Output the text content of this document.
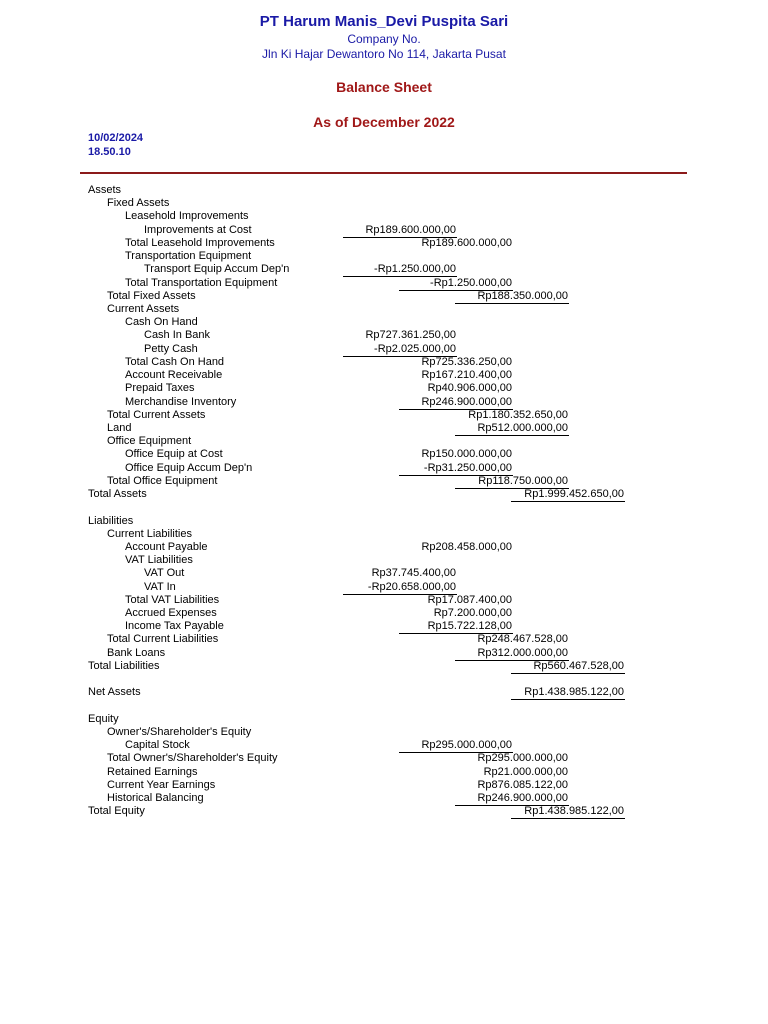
PT Harum Manis_Devi Puspita Sari
Company No.
Jln Ki Hajar Dewantoro No 114, Jakarta Pusat
Balance Sheet
As of December 2022
10/02/2024
18.50.10
Assets
Fixed Assets
Leasehold Improvements
Improvements at Cost	Rp189.600.000,00
Total Leasehold Improvements	Rp189.600.000,00
Transportation Equipment
Transport Equip Accum Dep'n	-Rp1.250.000,00
Total Transportation Equipment	-Rp1.250.000,00
Total Fixed Assets	Rp188.350.000,00
Current Assets
Cash On Hand
Cash In Bank	Rp727.361.250,00
Petty Cash	-Rp2.025.000,00
Total Cash On Hand	Rp725.336.250,00
Account Receivable	Rp167.210.400,00
Prepaid Taxes	Rp40.906.000,00
Merchandise Inventory	Rp246.900.000,00
Total Current Assets	Rp1.180.352.650,00
Land	Rp512.000.000,00
Office Equipment
Office Equip at Cost	Rp150.000.000,00
Office Equip Accum Dep'n	-Rp31.250.000,00
Total Office Equipment	Rp118.750.000,00
Total Assets	Rp1.999.452.650,00
Liabilities
Current Liabilities
Account Payable	Rp208.458.000,00
VAT Liabilities
VAT Out	Rp37.745.400,00
VAT In	-Rp20.658.000,00
Total VAT Liabilities	Rp17.087.400,00
Accrued Expenses	Rp7.200.000,00
Income Tax Payable	Rp15.722.128,00
Total Current Liabilities	Rp248.467.528,00
Bank Loans	Rp312.000.000,00
Total Liabilities	Rp560.467.528,00
Net Assets	Rp1.438.985.122,00
Equity
Owner's/Shareholder's Equity
Capital Stock	Rp295.000.000,00
Total Owner's/Shareholder's Equity	Rp295.000.000,00
Retained Earnings	Rp21.000.000,00
Current Year Earnings	Rp876.085.122,00
Historical Balancing	Rp246.900.000,00
Total Equity	Rp1.438.985.122,00
